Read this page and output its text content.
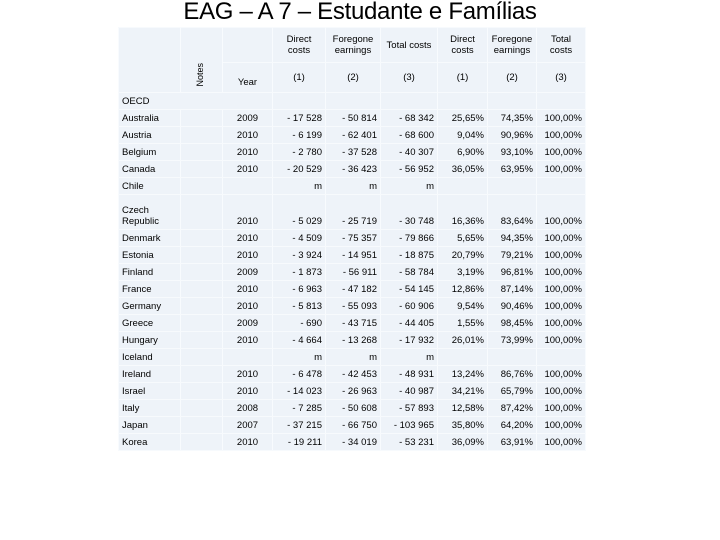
EAG – A 7 – Estudante e Famílias
	Notes		Direct costs	Foregone earnings	Total costs	Direct costs	Foregone earnings	Total costs
		Year	(1)	(2)	(3)	(1)	(2)	(3)
OECD								
Australia		2009	- 17 528	- 50 814	- 68 342	25,65%	74,35%	100,00%
Austria		2010	- 6 199	- 62 401	- 68 600	9,04%	90,96%	100,00%
Belgium		2010	- 2 780	- 37 528	- 40 307	6,90%	93,10%	100,00%
Canada		2010	- 20 529	- 36 423	- 56 952	36,05%	63,95%	100,00%
Chile			m	m	m			
Czech Republic		2010	- 5 029	- 25 719	- 30 748	16,36%	83,64%	100,00%
Denmark		2010	- 4 509	- 75 357	- 79 866	5,65%	94,35%	100,00%
Estonia		2010	- 3 924	- 14 951	- 18 875	20,79%	79,21%	100,00%
Finland		2009	- 1 873	- 56 911	- 58 784	3,19%	96,81%	100,00%
France		2010	- 6 963	- 47 182	- 54 145	12,86%	87,14%	100,00%
Germany		2010	- 5 813	- 55 093	- 60 906	9,54%	90,46%	100,00%
Greece		2009	- 690	- 43 715	- 44 405	1,55%	98,45%	100,00%
Hungary		2010	- 4 664	- 13 268	- 17 932	26,01%	73,99%	100,00%
Iceland			m	m	m			
Ireland		2010	- 6 478	- 42 453	- 48 931	13,24%	86,76%	100,00%
Israel		2010	- 14 023	- 26 963	- 40 987	34,21%	65,79%	100,00%
Italy		2008	- 7 285	- 50 608	- 57 893	12,58%	87,42%	100,00%
Japan		2007	- 37 215	- 66 750	- 103 965	35,80%	64,20%	100,00%
Korea		2010	- 19 211	- 34 019	- 53 231	36,09%	63,91%	100,00%
